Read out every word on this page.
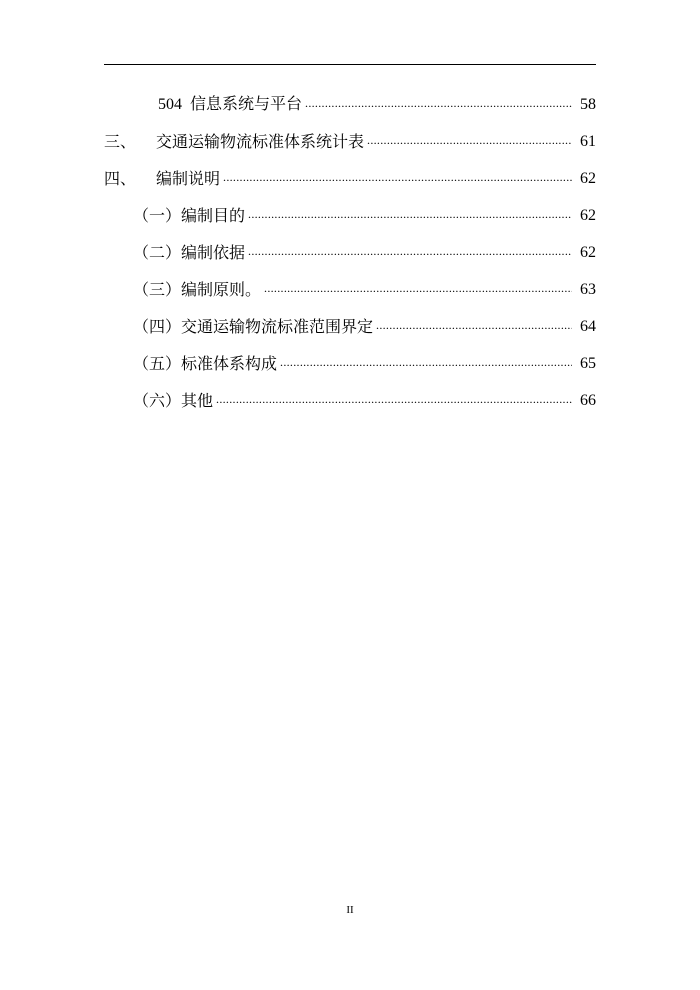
504 信息系统与平台 .....	58
三、 交通运输物流标准体系统计表 .....	61
四、 编制说明 .....	62
（一）编制目的 .....	62
（二）编制依据 .....	62
（三）编制原则。 .....	63
（四）交通运输物流标准范围界定 .....	64
（五）标准体系构成 .....	65
（六）其他 .....	66
II
